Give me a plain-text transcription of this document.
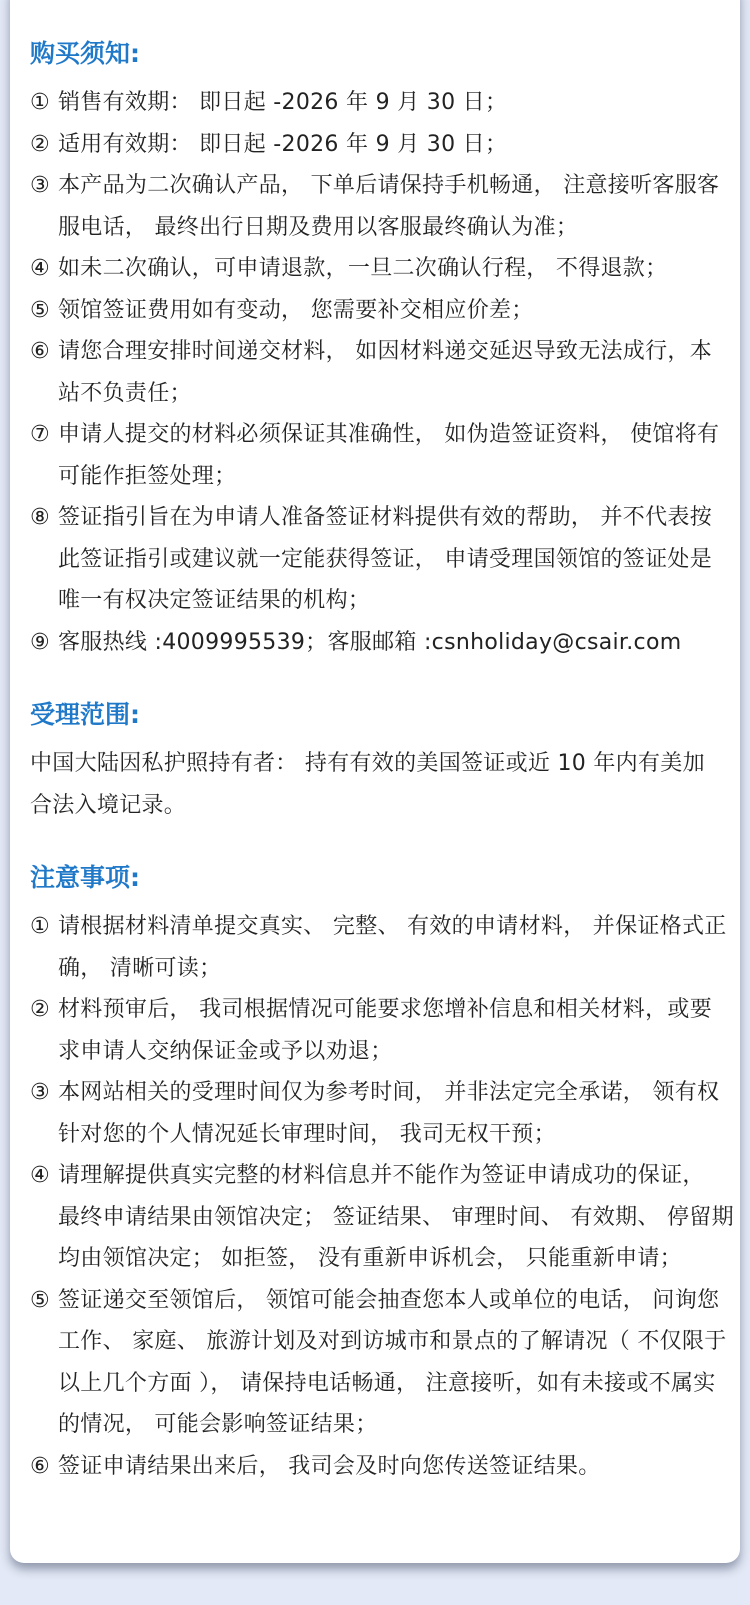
购买须知:
① 销售有效期： 即日起 -2026 年 9 月 30 日；
② 适用有效期： 即日起 -2026 年 9 月 30 日；
③ 本产品为二次确认产品， 下单后请保持手机畅通， 注意接听客服客服电话， 最终出行日期及费用以客服最终确认为准；
④ 如未二次确认，可申请退款，一旦二次确认行程， 不得退款；
⑤ 领馆签证费用如有变动， 您需要补交相应价差；
⑥ 请您合理安排时间递交材料， 如因材料递交延迟导致无法成行，本站不负责任；
⑦ 申请人提交的材料必须保证其准确性， 如伪造签证资料， 使馆将有可能作拒签处理；
⑧ 签证指引旨在为申请人准备签证材料提供有效的帮助， 并不代表按此签证指引或建议就一定能获得签证， 申请受理国领馆的签证处是唯一有权决定签证结果的机构；
⑨ 客服热线 :4009995539；客服邮箱 :csnholiday@csair.com
受理范围:
中国大陆因私护照持有者： 持有有效的美国签证或近 10 年内有美加合法入境记录。
注意事项:
① 请根据材料清单提交真实、 完整、 有效的申请材料， 并保证格式正确， 清晰可读；
② 材料预审后， 我司根据情况可能要求您增补信息和相关材料，或要求申请人交纳保证金或予以劝退；
③ 本网站相关的受理时间仅为参考时间， 并非法定完全承诺， 领有权针对您的个人情况延长审理时间， 我司无权干预；
④ 请理解提供真实完整的材料信息并不能作为签证申请成功的保证， 最终申请结果由领馆决定； 签证结果、 审理时间、 有效期、 停留期均由领馆决定； 如拒签， 没有重新申诉机会， 只能重新申请；
⑤ 签证递交至领馆后， 领馆可能会抽查您本人或单位的电话， 问询您工作、 家庭、 旅游计划及对到访城市和景点的了解请况（ 不仅限于以上几个方面 ）， 请保持电话畅通， 注意接听，如有未接或不属实的情况， 可能会影响签证结果；
⑥ 签证申请结果出来后， 我司会及时向您传送签证结果。
